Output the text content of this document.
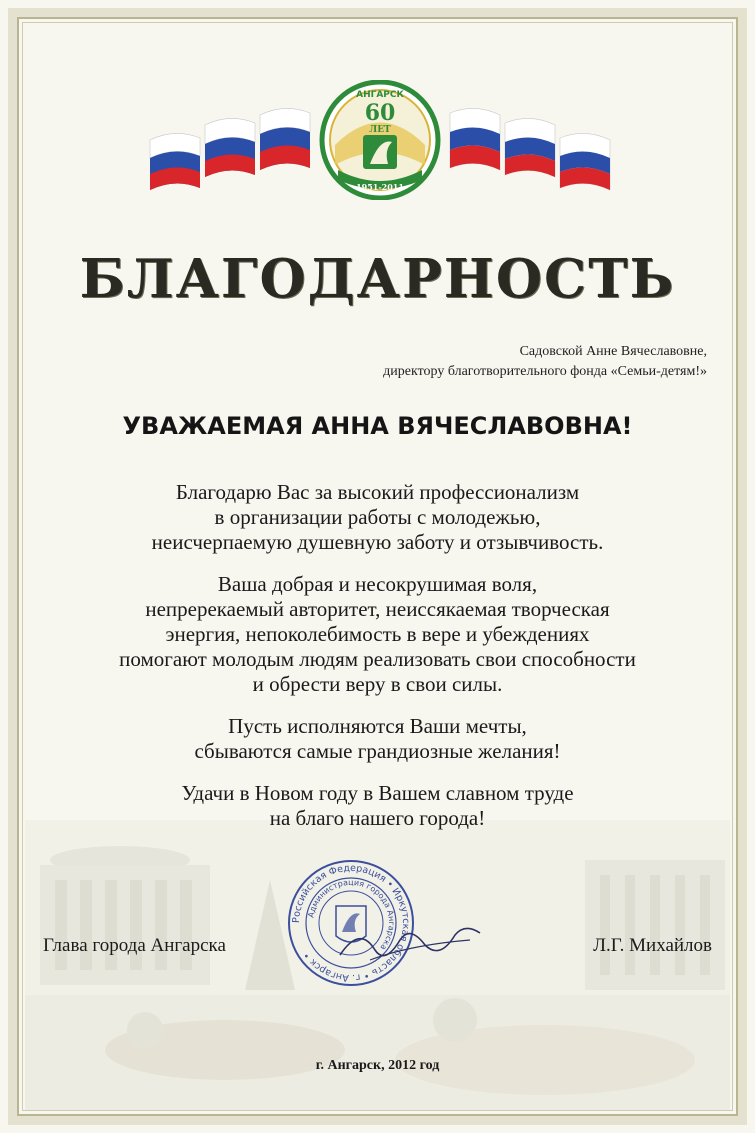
АНГАРСК
60
ЛЕТ
1951-2011
БЛАГОДАРНОСТЬ
Садовской Анне Вячеславовне,
директору благотворительного фонда «Семьи-детям!»
УВАЖАЕМАЯ АННА ВЯЧЕСЛАВОВНА!

Благодарю Вас за высокий профессионализм
в организации работы с молодежью,
неисчерпаемую душевную заботу и отзывчивость.

Ваша добрая и несокрушимая воля,
непререкаемый авторитет, неиссякаемая творческая
энергия, непоколебимость в вере и убеждениях
помогают молодым людям реализовать свои способности
и обрести веру в свои силы.

Пусть исполняются Ваши мечты,
сбываются самые грандиозные желания!

Удачи в Новом году в Вашем славном труде
на благо нашего города!

Российская Федерация • Иркутская область • г. Ангарск •
Администрация города Ангарска
Глава города Ангарска	Л.Г. Михайлов
г. Ангарск, 2012 год
